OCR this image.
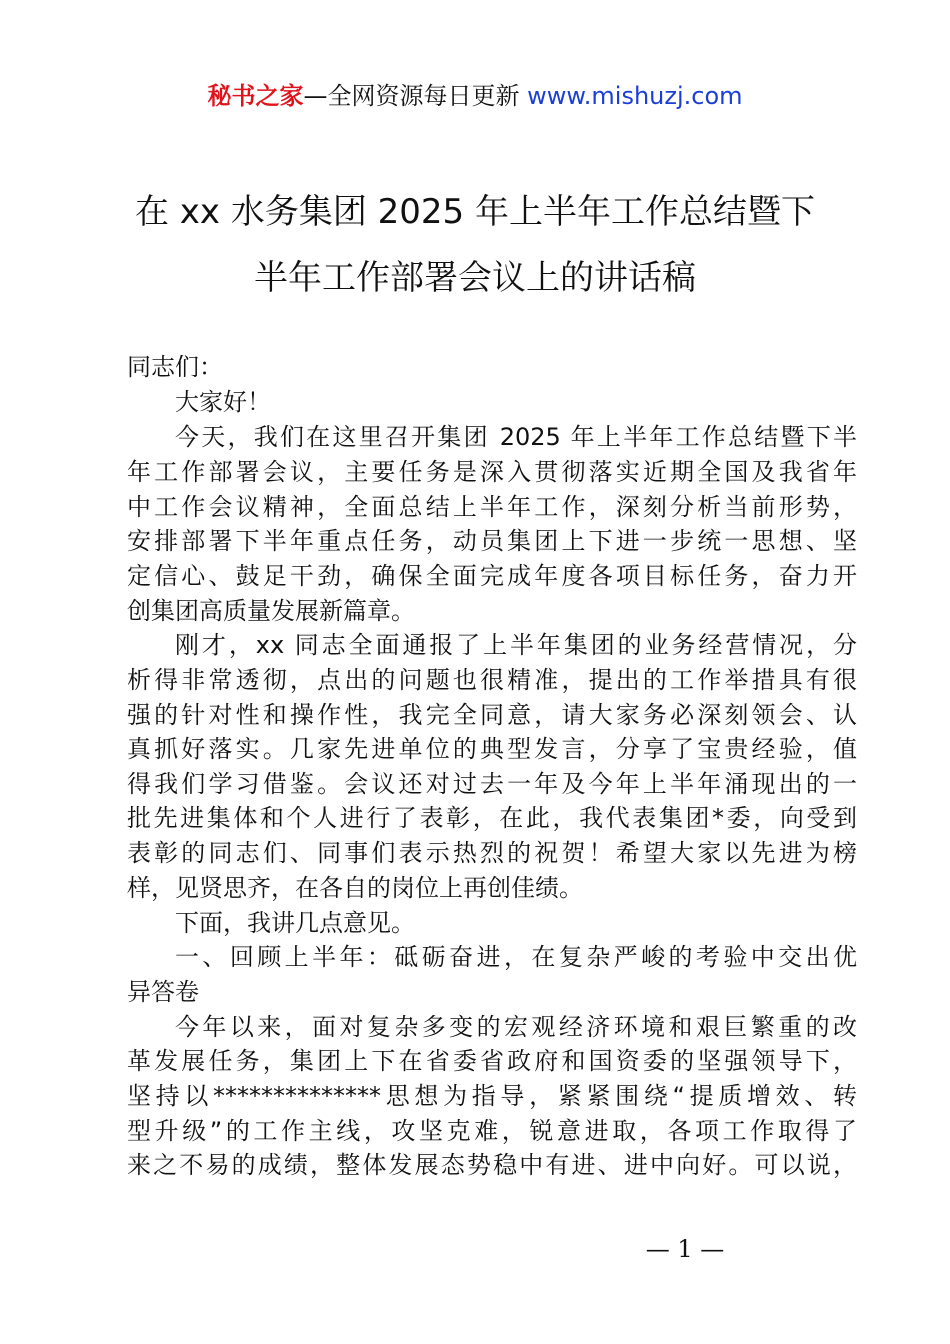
秘书之家—全网资源每日更新 www.mishuzj.com
在 xx 水务集团 2025 年上半年工作总结暨下
半年工作部署会议上的讲话稿
同志们：
大家好！
今天，我们在这里召开集团 2025 年上半年工作总结暨下半
年工作部署会议，主要任务是深入贯彻落实近期全国及我省年
中工作会议精神，全面总结上半年工作，深刻分析当前形势，
安排部署下半年重点任务，动员集团上下进一步统一思想、坚
定信心、鼓足干劲，确保全面完成年度各项目标任务，奋力开
创集团高质量发展新篇章。
刚才，xx 同志全面通报了上半年集团的业务经营情况，分
析得非常透彻，点出的问题也很精准，提出的工作举措具有很
强的针对性和操作性，我完全同意，请大家务必深刻领会、认
真抓好落实。几家先进单位的典型发言，分享了宝贵经验，值
得我们学习借鉴。会议还对过去一年及今年上半年涌现出的一
批先进集体和个人进行了表彰，在此，我代表集团*委，向受到
表彰的同志们、同事们表示热烈的祝贺！希望大家以先进为榜
样，见贤思齐，在各自的岗位上再创佳绩。
下面，我讲几点意见。
一、回顾上半年：砥砺奋进，在复杂严峻的考验中交出优
异答卷
今年以来，面对复杂多变的宏观经济环境和艰巨繁重的改
革发展任务，集团上下在省委省政府和国资委的坚强领导下，
坚持以**************思想为指导，紧紧围绕“提质增效、转
型升级”的工作主线，攻坚克难，锐意进取，各项工作取得了
来之不易的成绩，整体发展态势稳中有进、进中向好。可以说，
— 1 —
